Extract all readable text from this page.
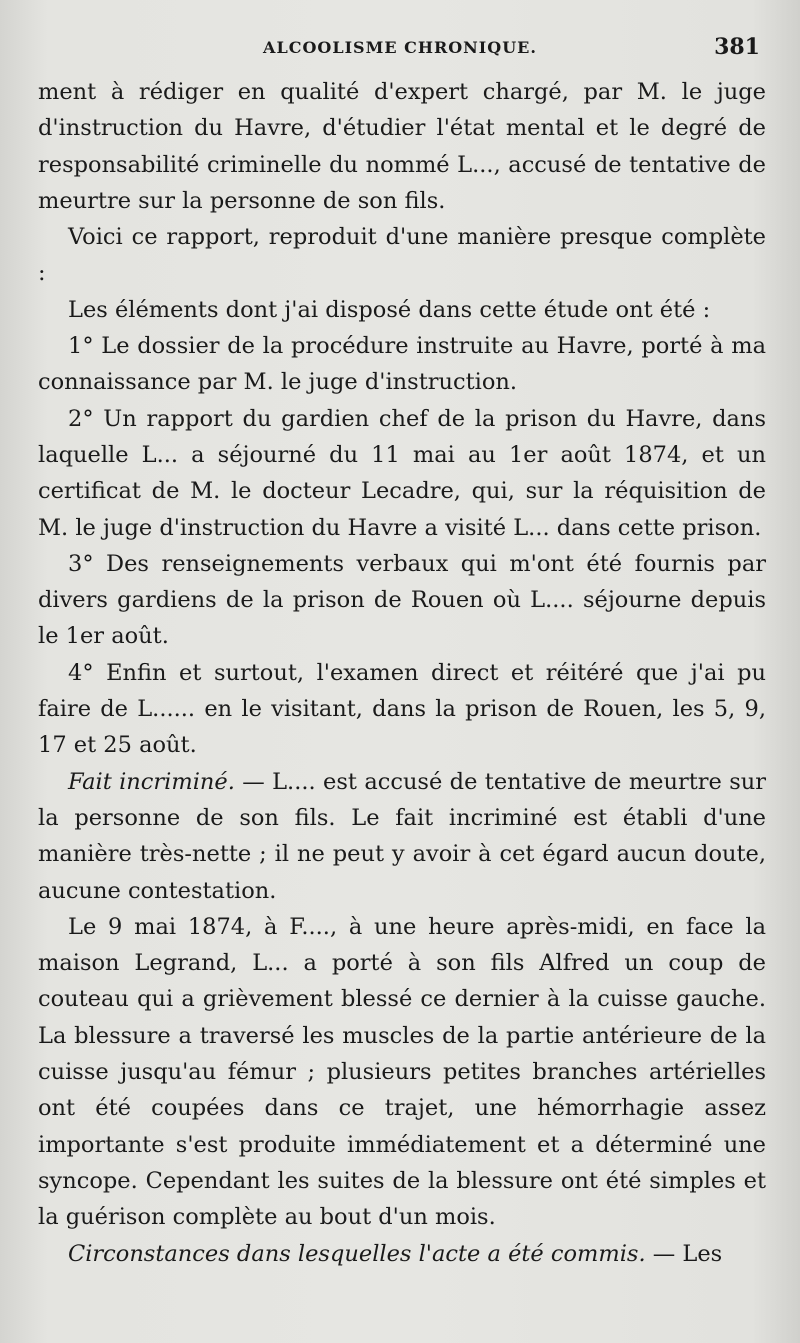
ALCOOLISME CHRONIQUE.	381

ment à rédiger en qualité d'expert chargé, par M. le juge d'instruction du Havre, d'étudier l'état mental et le degré de responsabilité criminelle du nommé L..., accusé de tentative de meurtre sur la personne de son fils.

Voici ce rapport, reproduit d'une manière presque complète :

Les éléments dont j'ai disposé dans cette étude ont été :

1° Le dossier de la procédure instruite au Havre, porté à ma connaissance par M. le juge d'instruction.

2° Un rapport du gardien chef de la prison du Havre, dans laquelle L... a séjourné du 11 mai au 1er août 1874, et un certificat de M. le docteur Lecadre, qui, sur la réquisition de M. le juge d'instruction du Havre a visité L... dans cette prison.

3° Des renseignements verbaux qui m'ont été fournis par divers gardiens de la prison de Rouen où L.... séjourne depuis le 1er août.

4° Enfin et surtout, l'examen direct et réitéré que j'ai pu faire de L...... en le visitant, dans la prison de Rouen, les 5, 9, 17 et 25 août.

Fait incriminé. — L.... est accusé de tentative de meurtre sur la personne de son fils. Le fait incriminé est établi d'une manière très-nette ; il ne peut y avoir à cet égard aucun doute, aucune contestation.

Le 9 mai 1874, à F...., à une heure après-midi, en face la maison Legrand, L... a porté à son fils Alfred un coup de couteau qui a grièvement blessé ce dernier à la cuisse gauche. La blessure a traversé les muscles de la partie antérieure de la cuisse jusqu'au fémur ; plusieurs petites branches artérielles ont été coupées dans ce trajet, une hémorrhagie assez importante s'est produite immédiatement et a déterminé une syncope. Cependant les suites de la blessure ont été simples et la guérison complète au bout d'un mois.

Circonstances dans lesquelles l'acte a été commis. — Les
